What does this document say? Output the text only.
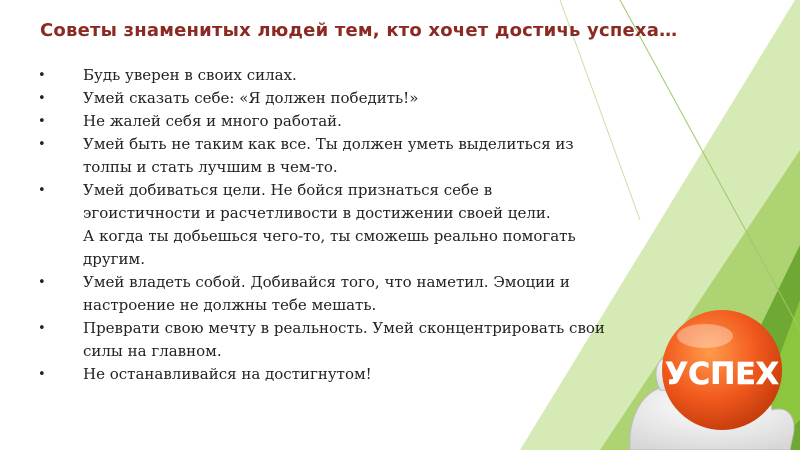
Советы знаменитых людей тем, кто хочет достичь успеха…
• Будь уверен в своих силах.
• Умей сказать себе: «Я должен победить!»
• Не жалей себя и много работай.
• Умей быть не таким как все. Ты должен уметь выделиться из
толпы и стать лучшим в чем-то.
• Умей добиваться цели. Не бойся признаться себе в
эгоистичности и расчетливости в достижении своей цели.
А когда ты добьешься чего-то, ты сможешь реально помогать
другим.
• Умей владеть собой. Добивайся того, что наметил. Эмоции и
настроение не должны тебе мешать.
• Преврати свою мечту в реальность. Умей сконцентрировать свои
силы на главном.
• Не останавливайся на достигнутом!	УСПЕХ
